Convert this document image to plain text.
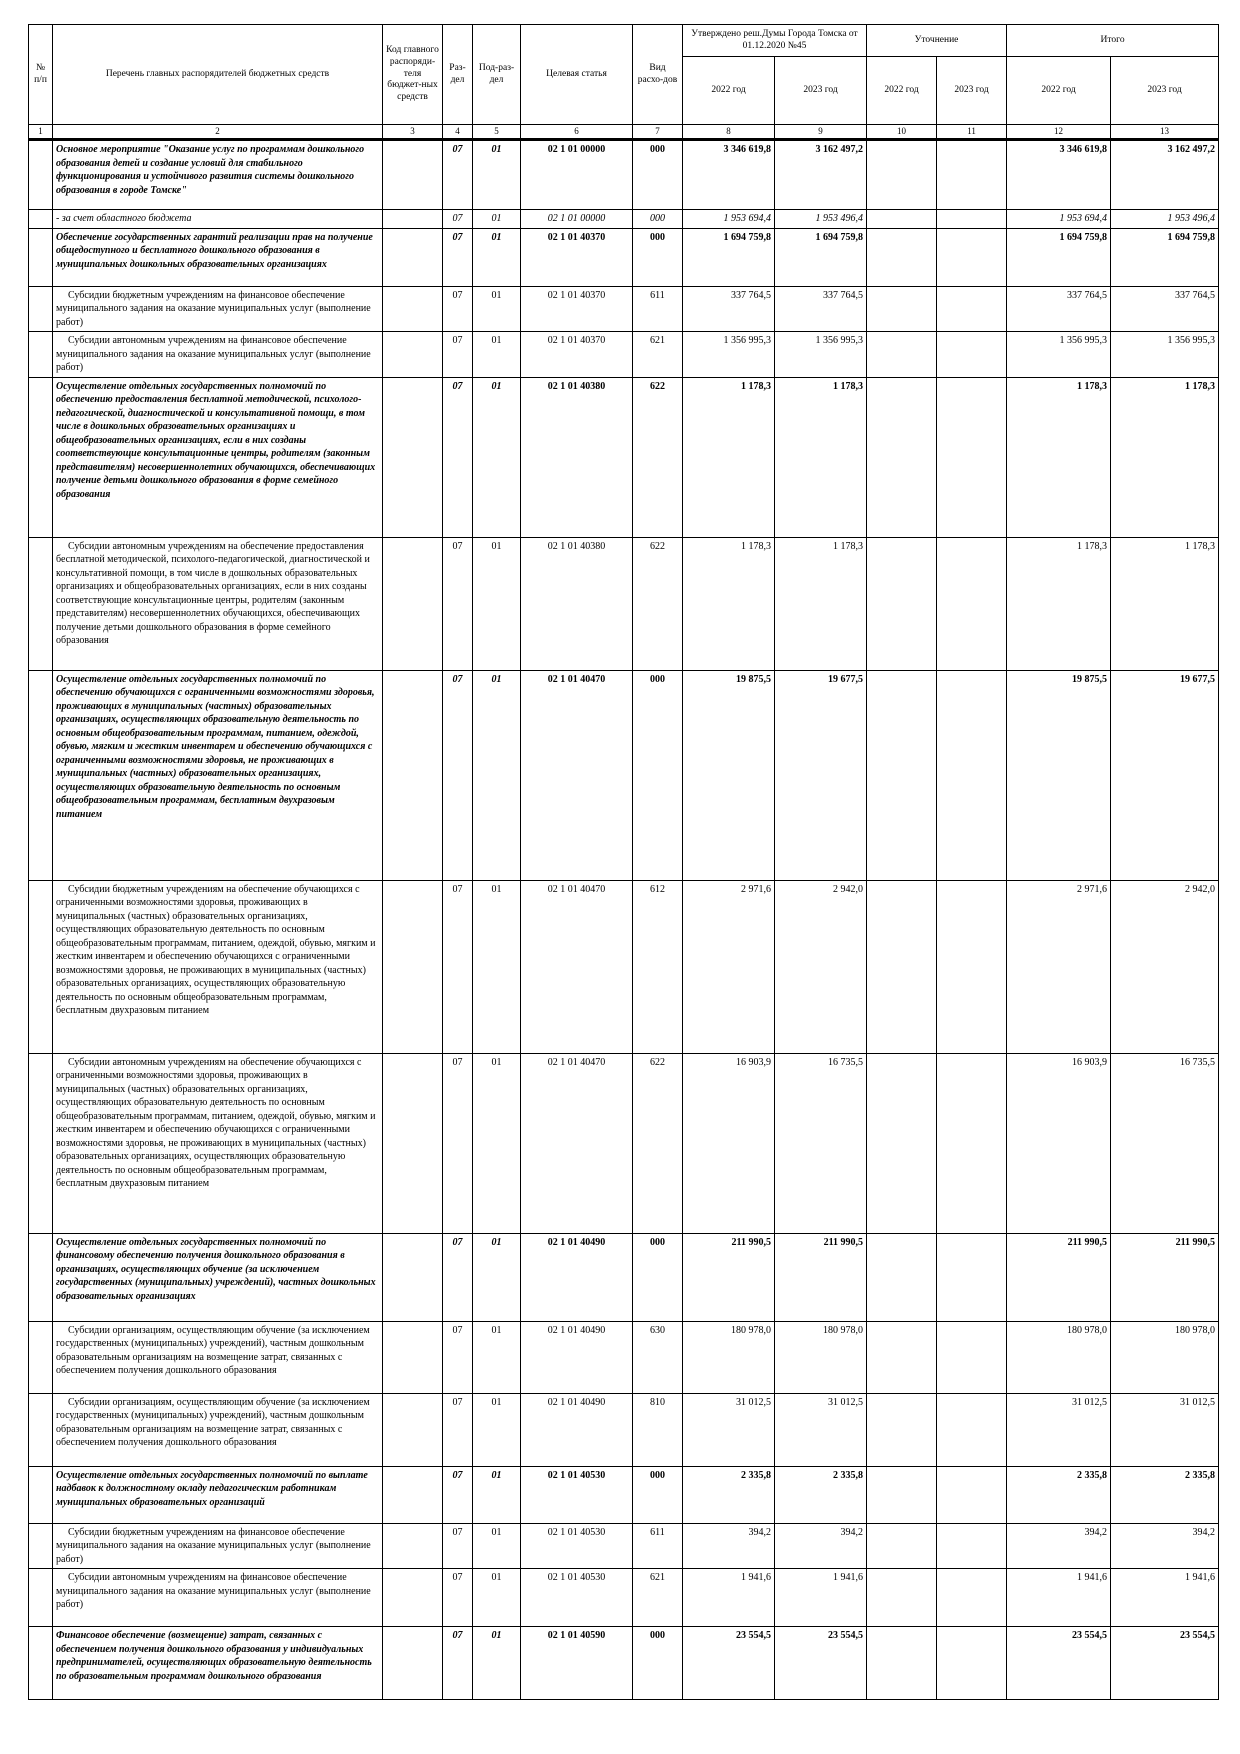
№ п/п	Перечень главных распорядителей бюджетных средств	Код главного распоряди-теля бюджет-ных средств	Раз-дел	Под-раз-дел	Целевая статья	Вид расхо-дов	Утверждено реш.Думы Города Томска от 01.12.2020 №45		Уточнение		Итого	
							2022 год	2023 год	2022 год	2023 год	2022 год	2023 год
1	2	3	4	5	6	7	8	9	10	11	12	13
	Основное мероприятие "Оказание услуг по программам дошкольного образования детей и создание условий для стабильного функционирования и устойчивого развития системы дошкольного образования в городе Томске"		07	01	02 1 01 00000	000	3 346 619,8	3 162 497,2			3 346 619,8	3 162 497,2
	- за счет областного бюджета		07	01	02 1 01 00000	000	1 953 694,4	1 953 496,4			1 953 694,4	1 953 496,4
	Обеспечение государственных гарантий реализации прав на получение общедоступного и бесплатного дошкольного образования в муниципальных дошкольных образовательных организациях		07	01	02 1 01 40370	000	1 694 759,8	1 694 759,8			1 694 759,8	1 694 759,8
	Субсидии бюджетным учреждениям на финансовое обеспечение муниципального задания на оказание муниципальных услуг (выполнение работ)		07	01	02 1 01 40370	611	337 764,5	337 764,5			337 764,5	337 764,5
	Субсидии автономным учреждениям на финансовое обеспечение муниципального задания на оказание муниципальных услуг (выполнение работ)		07	01	02 1 01 40370	621	1 356 995,3	1 356 995,3			1 356 995,3	1 356 995,3
	Осуществление отдельных государственных полномочий по обеспечению предоставления бесплатной методической, психолого-педагогической, диагностической и консультативной помощи, в том числе в дошкольных образовательных организациях и общеобразовательных организациях, если в них созданы соответствующие консультационные центры, родителям (законным представителям) несовершеннолетних обучающихся, обеспечивающих получение детьми дошкольного образования в форме семейного образования		07	01	02 1 01 40380	622	1 178,3	1 178,3			1 178,3	1 178,3
	Субсидии автономным учреждениям на обеспечение предоставления бесплатной методической, психолого-педагогической, диагностической и консультативной помощи, в том числе в дошкольных образовательных организациях и общеобразовательных организациях, если в них созданы соответствующие консультационные центры, родителям (законным представителям) несовершеннолетних обучающихся, обеспечивающих получение детьми дошкольного образования в форме семейного образования		07	01	02 1 01 40380	622	1 178,3	1 178,3			1 178,3	1 178,3
	Осуществление отдельных государственных полномочий по обеспечению обучающихся с ограниченными возможностями здоровья, проживающих в муниципальных (частных) образовательных организациях, осуществляющих образовательную деятельность по основным общеобразовательным программам, питанием, одеждой, обувью, мягким и жестким инвентарем и обеспечению обучающихся с ограниченными возможностями здоровья, не проживающих в муниципальных (частных) образовательных организациях, осуществляющих образовательную деятельность по основным общеобразовательным программам, бесплатным двухразовым питанием		07	01	02 1 01 40470	000	19 875,5	19 677,5			19 875,5	19 677,5
	Субсидии бюджетным учреждениям на обеспечение обучающихся с ограниченными возможностями здоровья, проживающих в муниципальных (частных) образовательных организациях, осуществляющих образовательную деятельность по основным общеобразовательным программам, питанием, одеждой, обувью, мягким и жестким инвентарем и обеспечению обучающихся с ограниченными возможностями здоровья, не проживающих в муниципальных (частных) образовательных организациях, осуществляющих образовательную деятельность по основным общеобразовательным программам, бесплатным двухразовым питанием		07	01	02 1 01 40470	612	2 971,6	2 942,0			2 971,6	2 942,0
	Субсидии автономным учреждениям на обеспечение обучающихся с ограниченными возможностями здоровья, проживающих в муниципальных (частных) образовательных организациях, осуществляющих образовательную деятельность по основным общеобразовательным программам, питанием, одеждой, обувью, мягким и жестким инвентарем и обеспечению обучающихся с ограниченными возможностями здоровья, не проживающих в муниципальных (частных) образовательных организациях, осуществляющих образовательную деятельность по основным общеобразовательным программам, бесплатным двухразовым питанием		07	01	02 1 01 40470	622	16 903,9	16 735,5			16 903,9	16 735,5
	Осуществление отдельных государственных полномочий по финансовому обеспечению получения дошкольного образования в организациях, осуществляющих обучение (за исключением государственных (муниципальных) учреждений), частных дошкольных образовательных организациях		07	01	02 1 01 40490	000	211 990,5	211 990,5			211 990,5	211 990,5
	Субсидии организациям, осуществляющим обучение (за исключением государственных (муниципальных) учреждений), частным дошкольным образовательным организациям на возмещение затрат, связанных с обеспечением получения дошкольного образования		07	01	02 1 01 40490	630	180 978,0	180 978,0			180 978,0	180 978,0
	Субсидии организациям, осуществляющим обучение (за исключением государственных (муниципальных) учреждений), частным дошкольным образовательным организациям на возмещение затрат, связанных с обеспечением получения дошкольного образования		07	01	02 1 01 40490	810	31 012,5	31 012,5			31 012,5	31 012,5
	Осуществление отдельных государственных полномочий по выплате надбавок к должностному окладу педагогическим работникам муниципальных образовательных организаций		07	01	02 1 01 40530	000	2 335,8	2 335,8			2 335,8	2 335,8
	Субсидии бюджетным учреждениям на финансовое обеспечение муниципального задания на оказание муниципальных услуг (выполнение работ)		07	01	02 1 01 40530	611	394,2	394,2			394,2	394,2
	Субсидии автономным учреждениям на финансовое обеспечение муниципального задания на оказание муниципальных услуг (выполнение работ)		07	01	02 1 01 40530	621	1 941,6	1 941,6			1 941,6	1 941,6
	Финансовое обеспечение (возмещение) затрат, связанных с обеспечением получения дошкольного образования у индивидуальных предпринимателей, осуществляющих образовательную деятельность по образовательным программам дошкольного образования		07	01	02 1 01 40590	000	23 554,5	23 554,5			23 554,5	23 554,5
